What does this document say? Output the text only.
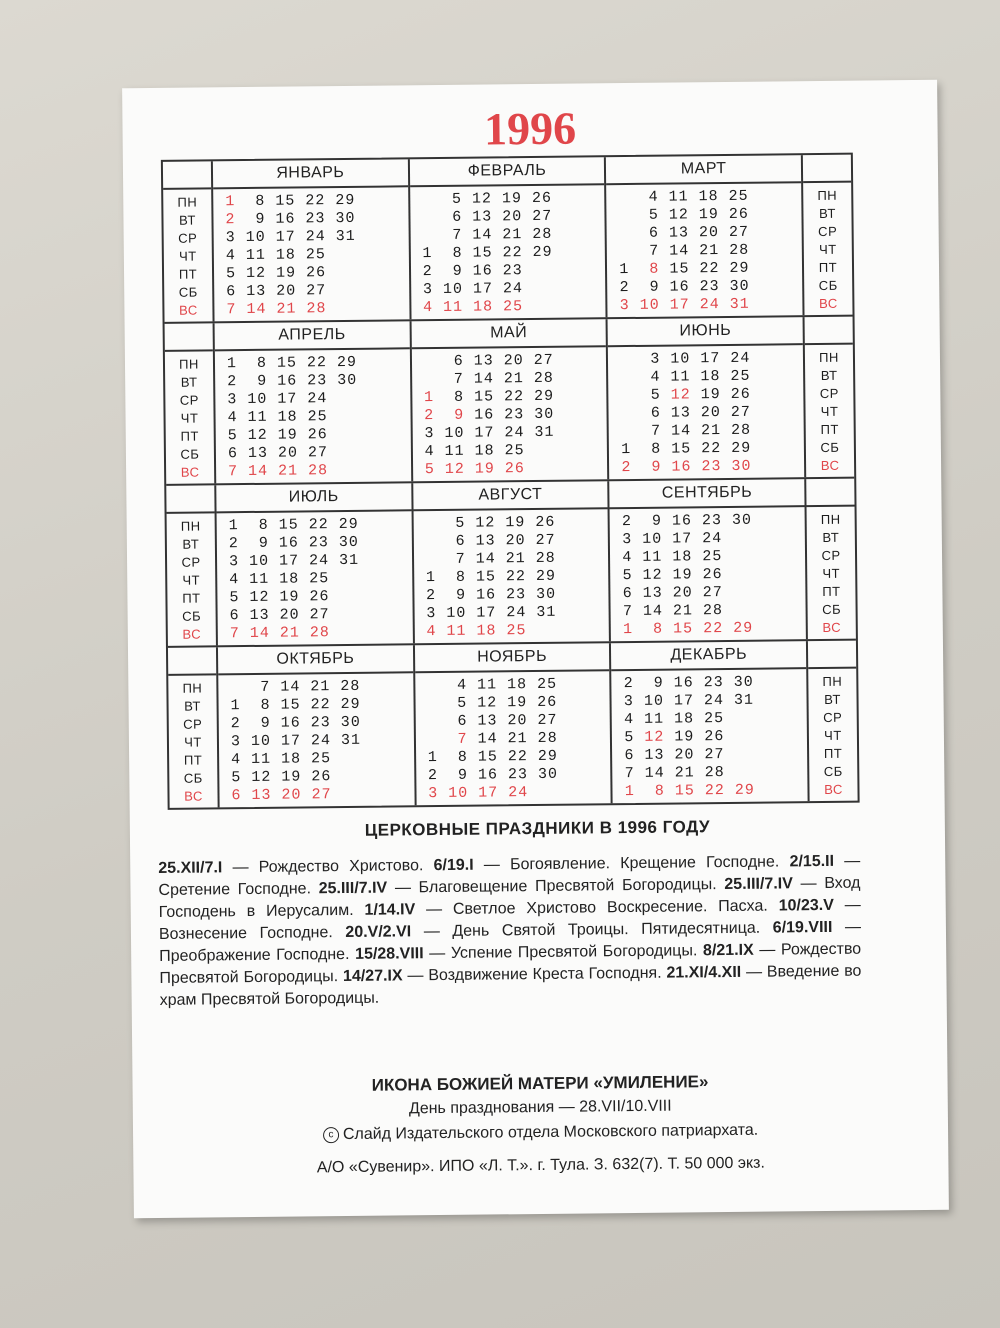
1996
ПН
ВТ
СР
ЧТ
ПТ
СБ
ВС
ЯНВАРЬ
1  8 15 22 29
2  9 16 23 30
3 10 17 24 31
4 11 18 25
5 12 19 26
6 13 20 27
7 14 21 28
ФЕВРАЛЬ
5 12 19 26
6 13 20 27
7 14 21 28
1  8 15 22 29
2  9 16 23
3 10 17 24
4 11 18 25
МАРТ
4 11 18 25
5 12 19 26
6 13 20 27
7 14 21 28
1  8 15 22 29
2  9 16 23 30
3 10 17 24 31
ПН
ВТ
СР
ЧТ
ПТ
СБ
ВС
ПН
ВТ
СР
ЧТ
ПТ
СБ
ВС
АПРЕЛЬ
1  8 15 22 29
2  9 16 23 30
3 10 17 24
4 11 18 25
5 12 19 26
6 13 20 27
7 14 21 28
МАЙ
6 13 20 27
7 14 21 28
1  8 15 22 29
2 9 16 23 30
3 10 17 24 31
4 11 18 25
5 12 19 26
ИЮНЬ
3 10 17 24
4 11 18 25
5 12 19 26
6 13 20 27
7 14 21 28
1  8 15 22 29
2  9 16 23 30
ПН
ВТ
СР
ЧТ
ПТ
СБ
ВС
ПН
ВТ
СР
ЧТ
ПТ
СБ
ВС
ИЮЛЬ
1  8 15 22 29
2  9 16 23 30
3 10 17 24 31
4 11 18 25
5 12 19 26
6 13 20 27
7 14 21 28
АВГУСТ
5 12 19 26
6 13 20 27
7 14 21 28
1  8 15 22 29
2  9 16 23 30
3 10 17 24 31
4 11 18 25
СЕНТЯБРЬ
2  9 16 23 30
3 10 17 24
4 11 18 25
5 12 19 26
6 13 20 27
7 14 21 28
1  8 15 22 29
ПН
ВТ
СР
ЧТ
ПТ
СБ
ВС
ПН
ВТ
СР
ЧТ
ПТ
СБ
ВС
ОКТЯБРЬ
7 14 21 28
1  8 15 22 29
2  9 16 23 30
3 10 17 24 31
4 11 18 25
5 12 19 26
6 13 20 27
НОЯБРЬ
4 11 18 25
5 12 19 26
6 13 20 27
7 14 21 28
1  8 15 22 29
2  9 16 23 30
3 10 17 24
ДЕКАБРЬ
2  9 16 23 30
3 10 17 24 31
4 11 18 25
5 12 19 26
6 13 20 27
7 14 21 28
1  8 15 22 29
ПН
ВТ
СР
ЧТ
ПТ
СБ
ВС
ЦЕРКОВНЫЕ ПРАЗДНИКИ В 1996 ГОДУ
25.XII/7.I — Рождество Христово. 6/19.I — Богоявление. Крещение Господне. 2/15.II — Сретение Господне. 25.III/7.IV — Благовещение Пресвятой Богородицы. 25.III/7.IV — Вход Господень в Иерусалим. 1/14.IV — Светлое Христово Воскресение. Пасха. 10/23.V — Вознесение Господне. 20.V/2.VI — День Святой Троицы. Пятидесятница. 6/19.VIII — Преображение Господне. 15/28.VIII — Успение Пресвятой Богородицы. 8/21.IX — Рождество Пресвятой Богородицы. 14/27.IX — Воздвижение Креста Господня. 21.XI/4.XII — Введение во храм Пресвятой Богородицы.
ИКОНА БОЖИЕЙ МАТЕРИ «УМИЛЕНИЕ»
День празднования — 28.VII/10.VIII
c Слайд Издательского отдела Московского патриархата.
А/О «Сувенир». ИПО «Л. Т.». г. Тула. З. 632(7). Т. 50 000 экз.
